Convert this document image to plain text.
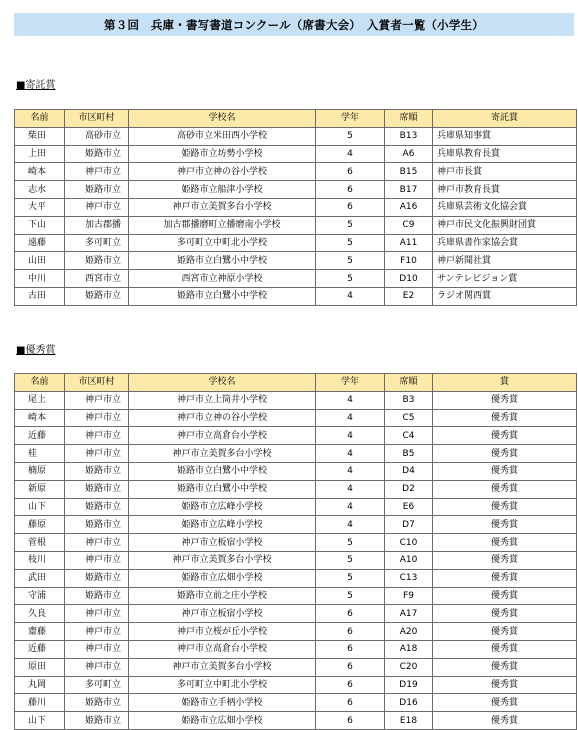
第３回　兵庫・書写書道コンクール（席書大会）　入賞者一覧（小学生）
■寄託賞
名前	市区町村	学校名	学年	席順	寄託賞
柴田	高砂市立	高砂市立米田西小学校	5	B13	兵庫県知事賞
上田	姫路市立	姫路市立坊勢小学校	4	A6	兵庫県教育長賞
崎本	神戸市立	神戸市立神の谷小学校	6	B15	神戸市長賞
志水	姫路市立	姫路市立船津小学校	6	B17	神戸市教育長賞
大平	神戸市立	神戸市立美賀多台小学校	6	A16	兵庫県芸術文化協会賞
下山	加古郡播	加古郡播磨町立播磨南小学校	5	C9	神戸市民文化振興財団賞
遠藤	多可町立	多可町立中町北小学校	5	A11	兵庫県書作家協会賞
山田	姫路市立	姫路市立白鷺小中学校	5	F10	神戸新聞社賞
中川	西宮市立	西宮市立神原小学校	5	D10	サンテレビジョン賞
古田	姫路市立	姫路市立白鷺小中学校	4	E2	ラジオ関西賞
■優秀賞
名前	市区町村	学校名	学年	席順	賞
尾上	神戸市立	神戸市立上筒井小学校	4	B3	優秀賞
崎本	神戸市立	神戸市立神の谷小学校	4	C5	優秀賞
近藤	神戸市立	神戸市立高倉台小学校	4	C4	優秀賞
桂	神戸市立	神戸市立美賀多台小学校	4	B5	優秀賞
楠原	姫路市立	姫路市立白鷺小中学校	4	D4	優秀賞
新原	姫路市立	姫路市立白鷺小中学校	4	D2	優秀賞
山下	姫路市立	姫路市立広峰小学校	4	E6	優秀賞
藤原	姫路市立	姫路市立広峰小学校	4	D7	優秀賞
菅根	神戸市立	神戸市立板宿小学校	5	C10	優秀賞
枝川	神戸市立	神戸市立美賀多台小学校	5	A10	優秀賞
武田	姫路市立	姫路市立広畑小学校	5	C13	優秀賞
守浦	姫路市立	姫路市立前之庄小学校	5	F9	優秀賞
久良	神戸市立	神戸市立板宿小学校	6	A17	優秀賞
齋藤	神戸市立	神戸市立桜が丘小学校	6	A20	優秀賞
近藤	神戸市立	神戸市立高倉台小学校	6	A18	優秀賞
原田	神戸市立	神戸市立美賀多台小学校	6	C20	優秀賞
丸岡	多可町立	多可町立中町北小学校	6	D19	優秀賞
藤川	姫路市立	姫路市立手柄小学校	6	D16	優秀賞
山下	姫路市立	姫路市立広畑小学校	6	E18	優秀賞
